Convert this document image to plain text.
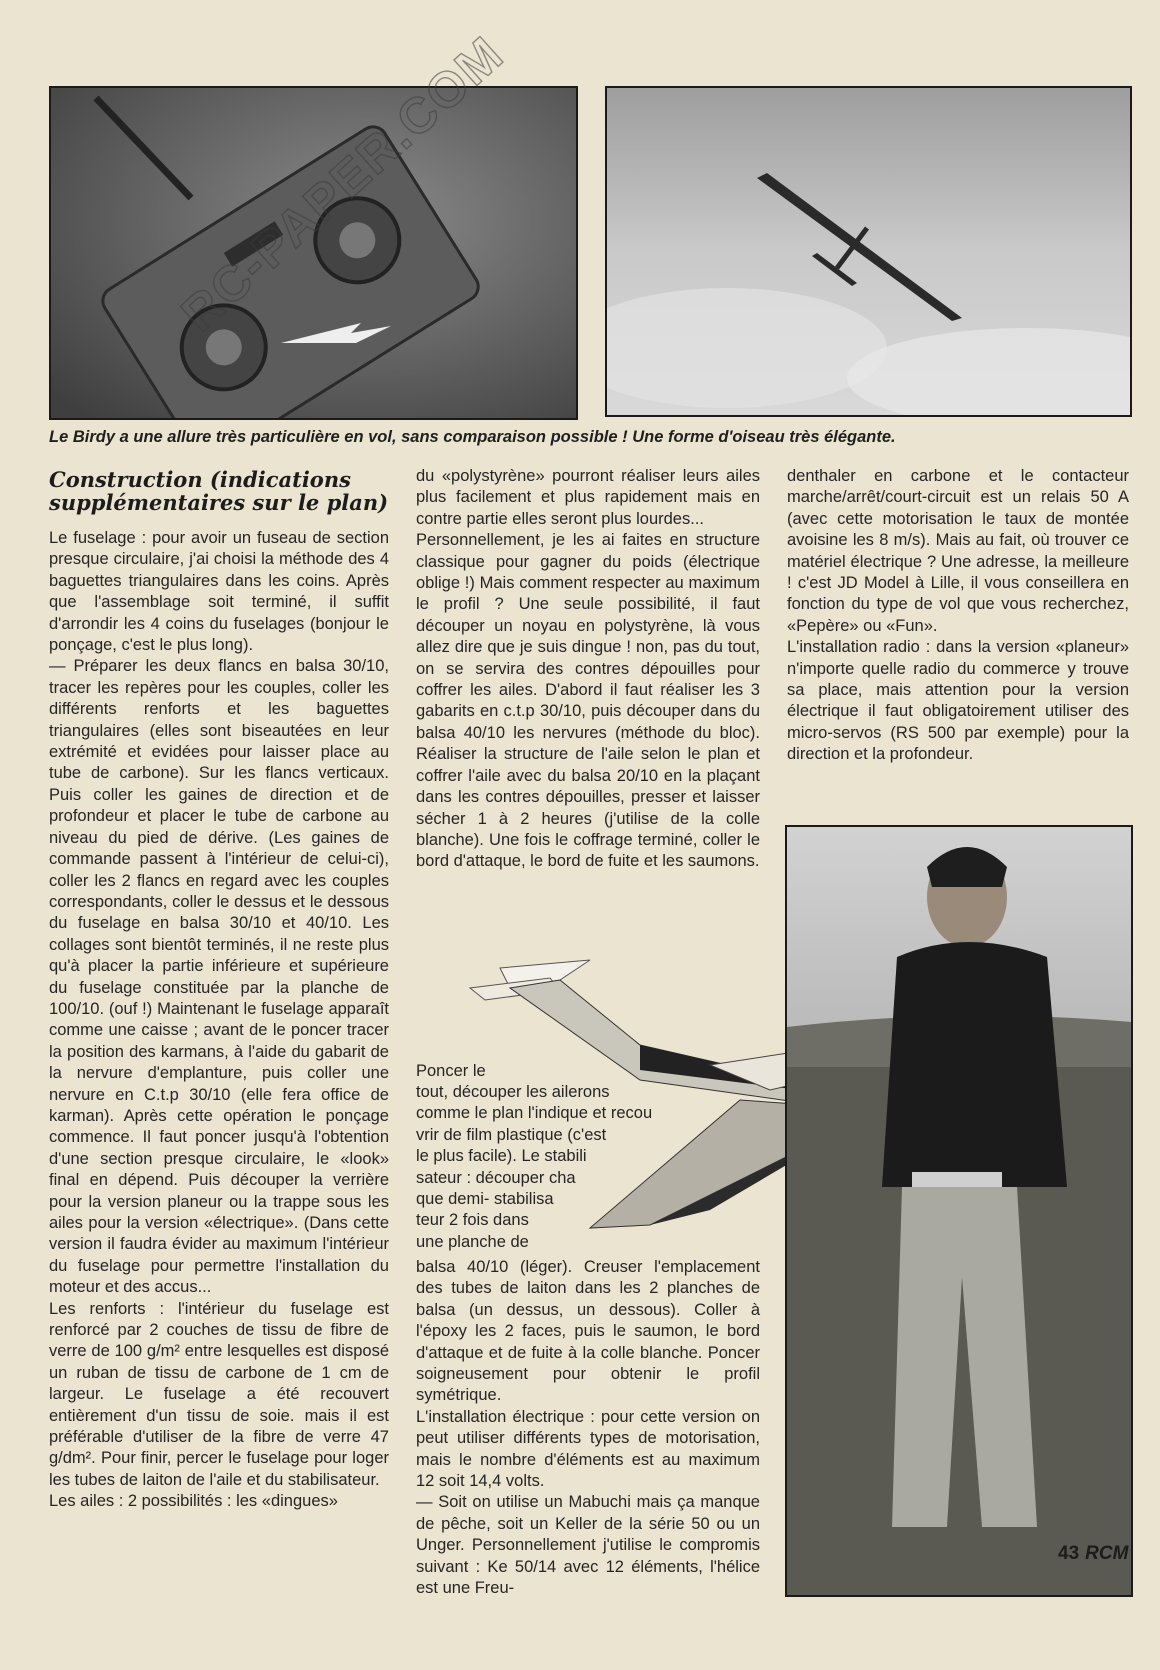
Le Birdy a une allure très particulière en vol, sans comparaison possible ! Une forme d'oiseau très élégante.
Construction (indications supplémentaires sur le plan)

Le fuselage : pour avoir un fuseau de section presque circulaire, j'ai choisi la méthode des 4 baguettes triangulaires dans les coins. Après que l'assemblage soit terminé, il suffit d'arrondir les 4 coins du fuselages (bonjour le ponçage, c'est le plus long).

— Préparer les deux flancs en balsa 30/10, tracer les repères pour les couples, coller les différents renforts et les baguettes triangulaires (elles sont biseautées en leur extrémité et evidées pour laisser place au tube de carbone). Sur les flancs verticaux. Puis coller les gaines de direction et de profondeur et placer le tube de carbone au niveau du pied de dérive. (Les gaines de commande passent à l'intérieur de celui-ci), coller les 2 flancs en regard avec les couples correspondants, coller le dessus et le dessous du fuselage en balsa 30/10 et 40/10. Les collages sont bientôt terminés, il ne reste plus qu'à placer la partie inférieure et supérieure du fuselage constituée par la planche de 100/10. (ouf !) Maintenant le fuselage apparaît comme une caisse ; avant de le poncer tracer la position des karmans, à l'aide du gabarit de la nervure d'emplanture, puis coller une nervure en C.t.p 30/10 (elle fera office de karman). Après cette opération le ponçage commence. Il faut poncer jusqu'à l'obtention d'une section presque circulaire, le «look» final en dépend. Puis découper la verrière pour la version planeur ou la trappe sous les ailes pour la version «électrique». (Dans cette version il faudra évider au maximum l'intérieur du fuselage pour permettre l'installation du moteur et des accus...

Les renforts : l'intérieur du fuselage est renforcé par 2 couches de tissu de fibre de verre de 100 g/m² entre lesquelles est disposé un ruban de tissu de carbone de 1 cm de largeur. Le fuselage a été recouvert entièrement d'un tissu de soie. mais il est préférable d'utiliser de la fibre de verre 47 g/dm². Pour finir, percer le fuselage pour loger les tubes de laiton de l'aile et du stabilisateur.

Les ailes : 2 possibilités : les «dingues»

du «polystyrène» pourront réaliser leurs ailes plus facilement et plus rapidement mais en contre partie elles seront plus lourdes...

Personnellement, je les ai faites en structure classique pour gagner du poids (électrique oblige !) Mais comment respecter au maximum le profil ? Une seule possibilité, il faut découper un noyau en polystyrène, là vous allez dire que je suis dingue ! non, pas du tout, on se servira des contres dépouilles pour coffrer les ailes. D'abord il faut réaliser les 3 gabarits en c.t.p 30/10, puis découper dans du balsa 40/10 les nervures (méthode du bloc). Réaliser la structure de l'aile selon le plan et coffrer l'aile avec du balsa 20/10 en la plaçant dans les contres dépouilles, presser et laisser sécher 1 à 2 heures (j'utilise de la colle blanche). Une fois le coffrage terminé, coller le bord d'attaque, le bord de fuite et les saumons.

Poncer le
tout, découper les ailerons
comme le plan l'indique et recou
vrir de film plastique (c'est
le plus facile). Le stabili
sateur : découper cha
que demi- stabilisa
teur 2 fois dans
une planche de

balsa 40/10 (léger). Creuser l'emplacement des tubes de laiton dans les 2 planches de balsa (un dessus, un dessous). Coller à l'époxy les 2 faces, puis le saumon, le bord d'attaque et de fuite à la colle blanche. Poncer soigneusement pour obtenir le profil symétrique.

L'installation électrique : pour cette version on peut utiliser différents types de motorisation, mais le nombre d'éléments est au maximum 12 soit 14,4 volts.

— Soit on utilise un Mabuchi mais ça manque de pêche, soit un Keller de la série 50 ou un Unger. Personnellement j'utilise le compromis suivant : Ke 50/14 avec 12 éléments, l'hélice est une Freu-

denthaler en carbone et le contacteur marche/arrêt/court-circuit est un relais 50 A (avec cette motorisation le taux de montée avoisine les 8 m/s). Mais au fait, où trouver ce matériel électrique ? Une adresse, la meilleure ! c'est JD Model à Lille, il vous conseillera en fonction du type de vol que vous recherchez, «Pepère» ou «Fun».

L'installation radio : dans la version «planeur» n'importe quelle radio du commerce y trouve sa place, mais attention pour la version électrique il faut obligatoirement utiliser des micro-servos (RS 500 par exemple) pour la direction et la profondeur.

43 RCM
